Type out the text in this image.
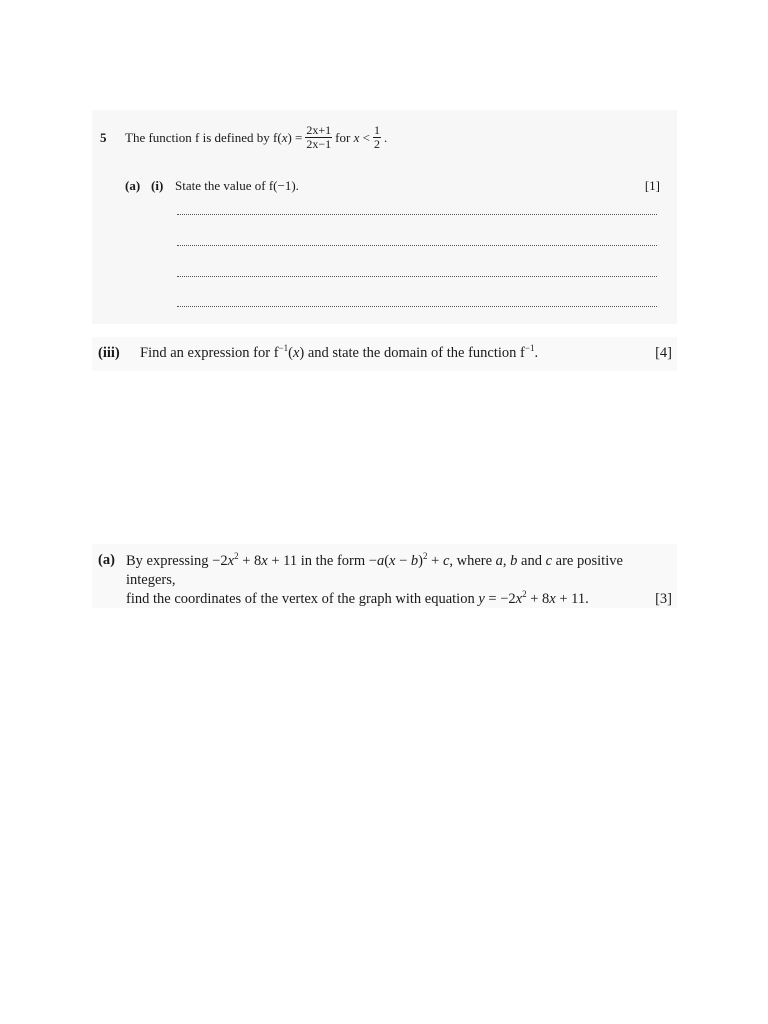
5	The function f is defined by f( x ) = $\frac{2x+1}{2x-1}$ for
x
< $\frac{1}{2}$ .
(a) (i) State the value of f(−1).	[1]
(iii)	Find an expression for $f^{-1}(x)$ and state the domain of the function $f^{-1}$.	[4]
(a) By expressing $-2x^2 + 8x + 11$ in the form $-a(x - b)^2 + c$, where a, b and c are positive integers,
find the coordinates of the vertex of the graph with equation $y = -2x^2 + 8x + 11$.	[3]
